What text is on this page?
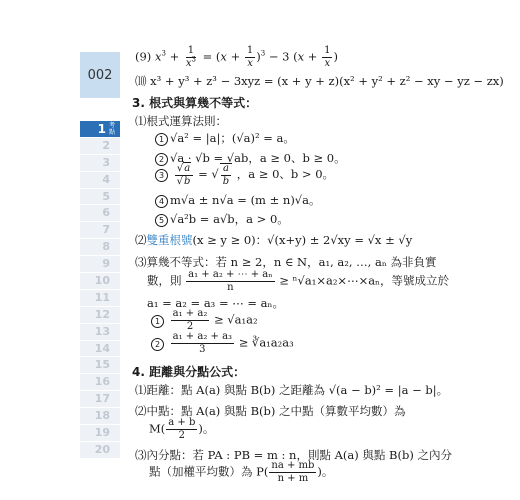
002
1 考點
2
3
4
5
6
7
8
9
10
11
12
13
14
15
16
17
18
19
20
(9) $x^3 + \frac{1}{x^3} = (x + \frac{1}{x} )^3 - 3$ ($x + \frac{1}{x}$ )
⑽ x³ + y³ + z³ − 3xyz = (x + y + z)(x² + y² + z² − xy − yz − zx)
3. 根式與算幾不等式：
⑴根式運算法則：
1 √a² = |a|；(√a)² = a。
2 √a · √b = √ab，a ≥ 0、b ≥ 0。
$3 \frac{√a}{√b}$ = √ $\frac{a}{b}$ ，a ≥ 0、b > 0。
4 m√a ± n√a = (m ± n)√a。
5 √a²b = a√b，a > 0。
⑵雙重根號(x ≥ y ≥ 0)：√(x+y) ± 2√xy = √x ± √y
⑶算幾不等式：若 n ≥ 2，n ∈ N，a₁, a₂, …, aₙ 為非負實
數，則 $\frac{\text{a₁ + a₂ + ⋯ + aₙ}}{n}$ ≥ ⁿ√a₁×a₂×⋯×aₙ，等號成立於
a₁ = a₂ = a₃ = ⋯ = aₙ。
$1 \frac{\text{a₁ + a₂}}{2} \ge √a_1a_2$
$2 \frac{\text{a₁ + a₂ + a₃}}{3}$ ≥ ∛a₁a₂a₃
4. 距離與分點公式：
⑴距離：點 A(a) 與點 B(b) 之距離為 √(a − b)² = |a − b|。
⑵中點：點 A(a) 與點 B(b) 之中點（算數平均數）為
$M( \frac{a + b}{2}$ )。
⑶內分點：若 PA : PB = m : n，則點 A(a) 與點 B(b) 之內分
點（加權平均數）為 $P( \frac{na + mb}{n + m}$ )。
